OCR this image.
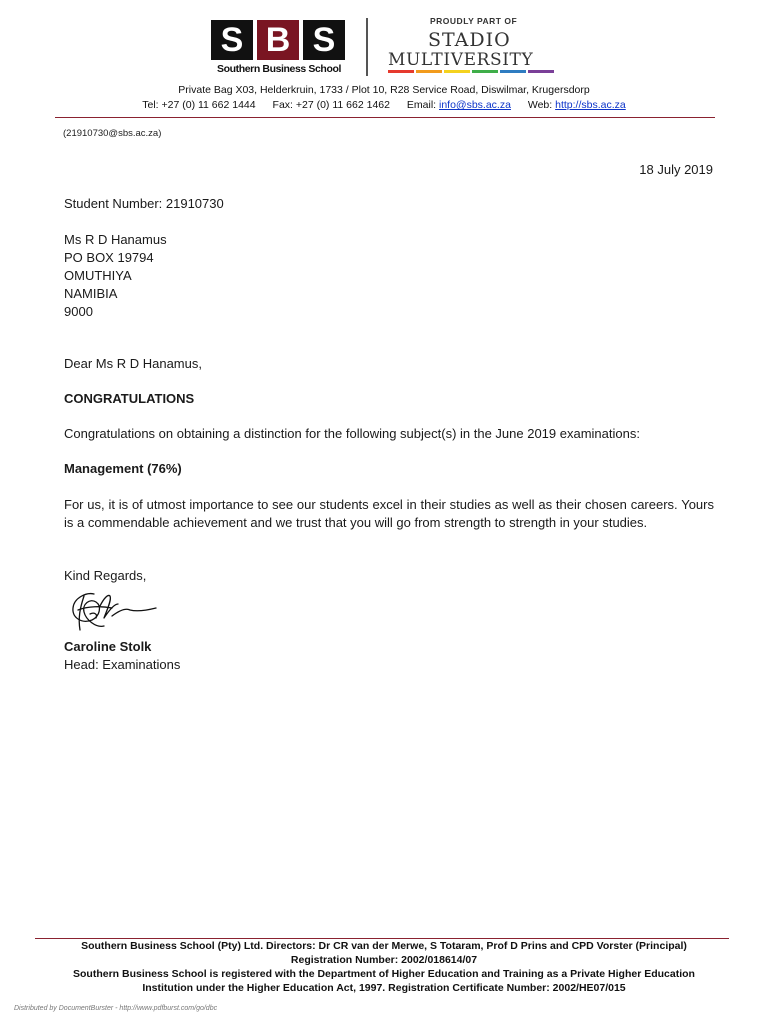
S B S
Southern Business School
PROUDLY PART OF
STADIO
MULTIVERSITY
Private Bag X03, Helderkruin, 1733 / Plot 10, R28 Service Road, Diswilmar, Krugersdorp
Tel: +27 (0) 11 662 1444 Fax: +27 (0) 11 662 1462 Email: info@sbs.ac.za Web: http://sbs.ac.za
(21910730@sbs.ac.za)
18 July 2019
Student Number: 21910730
Ms R D Hanamus
PO BOX 19794
OMUTHIYA
NAMIBIA
9000
Dear Ms R D Hanamus,
CONGRATULATIONS
Congratulations on obtaining a distinction for the following subject(s) in the June 2019 examinations:
Management (76%)
For us, it is of utmost importance to see our students excel in their studies as well as their chosen careers. Yours is a commendable achievement and we trust that you will go from strength to strength in your studies.
Kind Regards,
Caroline Stolk
Head: Examinations
Southern Business School (Pty) Ltd. Directors: Dr CR van der Merwe, S Totaram, Prof D Prins and CPD Vorster (Principal)
Registration Number: 2002/018614/07
Southern Business School is registered with the Department of Higher Education and Training as a Private Higher Education
Institution under the Higher Education Act, 1997. Registration Certificate Number: 2002/HE07/015
Distributed by DocumentBurster - http://www.pdfburst.com/go/dbc
